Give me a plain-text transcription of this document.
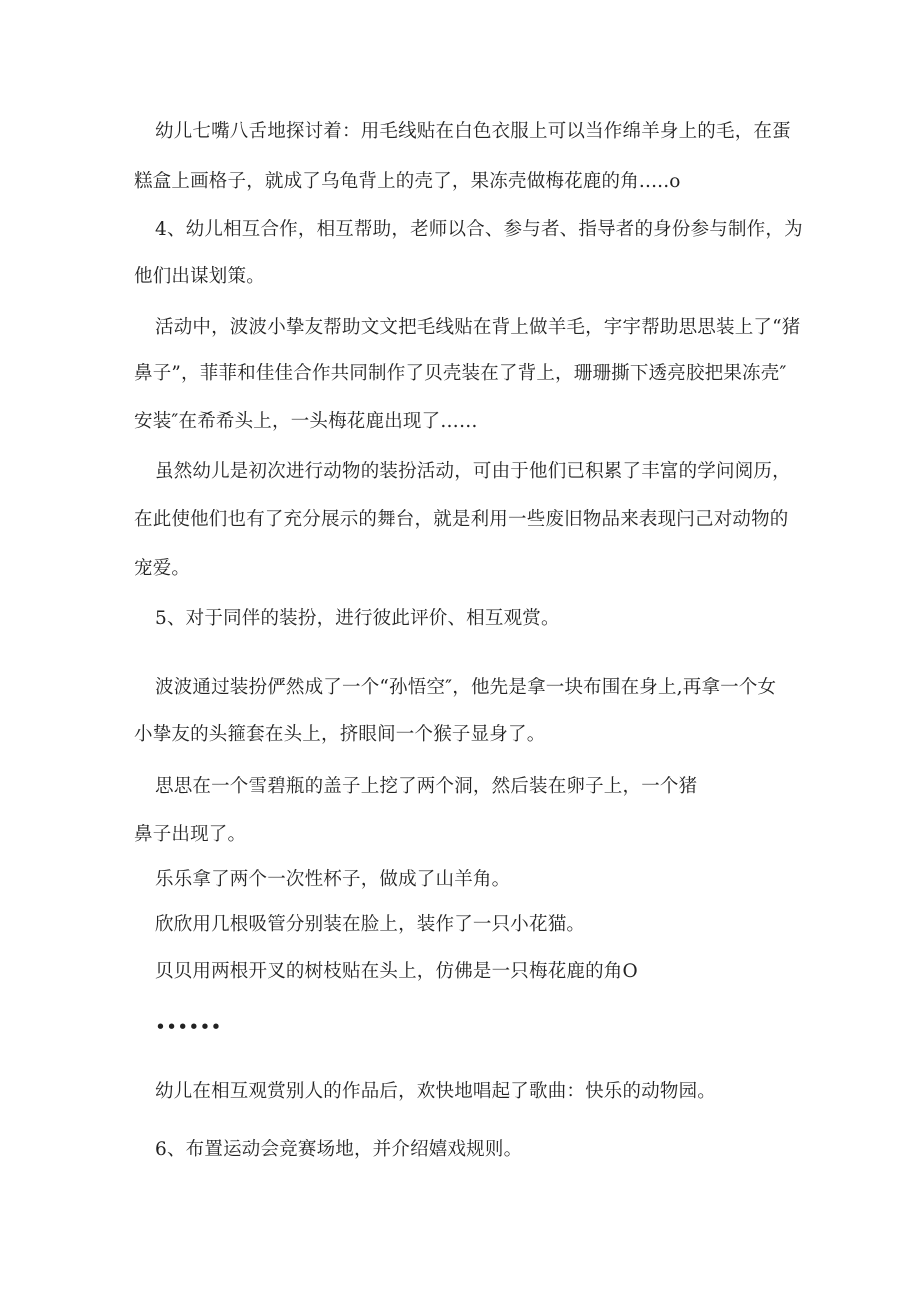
幼儿七嘴八舌地探讨着：用毛线贴在白色衣服上可以当作绵羊身上的毛，在蛋
糕盒上画格子，就成了乌龟背上的壳了，果冻壳做梅花鹿的角.....o
4、幼儿相互合作，相互帮助，老师以合、参与者、指导者的身份参与制作，为
他们出谋划策。
活动中，波波小挚友帮助文文把毛线贴在背上做羊毛，宇宇帮助思思装上了“猪
鼻子”，菲菲和佳佳合作共同制作了贝壳装在了背上，珊珊撕下透亮胶把果冻壳″
安装″在希希头上，一头梅花鹿出现了……
虽然幼儿是初次进行动物的装扮活动，可由于他们已积累了丰富的学问阅历，
在此使他们也有了充分展示的舞台，就是利用一些废旧物品来表现闩己对动物的
宠爱。
5、对于同伴的装扮，进行彼此评价、相互观赏。
波波通过装扮俨然成了一个“孙悟空″，他先是拿一块布围在身上,再拿一个女
小挚友的头箍套在头上，挤眼间一个猴子显身了。
思思在一个雪碧瓶的盖子上挖了两个洞，然后装在卵子上，一个猪
鼻子出现了。
乐乐拿了两个一次性杯子，做成了山羊角。
欣欣用几根吸管分别装在脸上，装作了一只小花猫。
贝贝用两根开叉的树枝贴在头上，仿佛是一只梅花鹿的角O
••••••
幼儿在相互观赏别人的作品后，欢快地唱起了歌曲：快乐的动物园。
6、布置运动会竞赛场地，并介绍嬉戏规则。
